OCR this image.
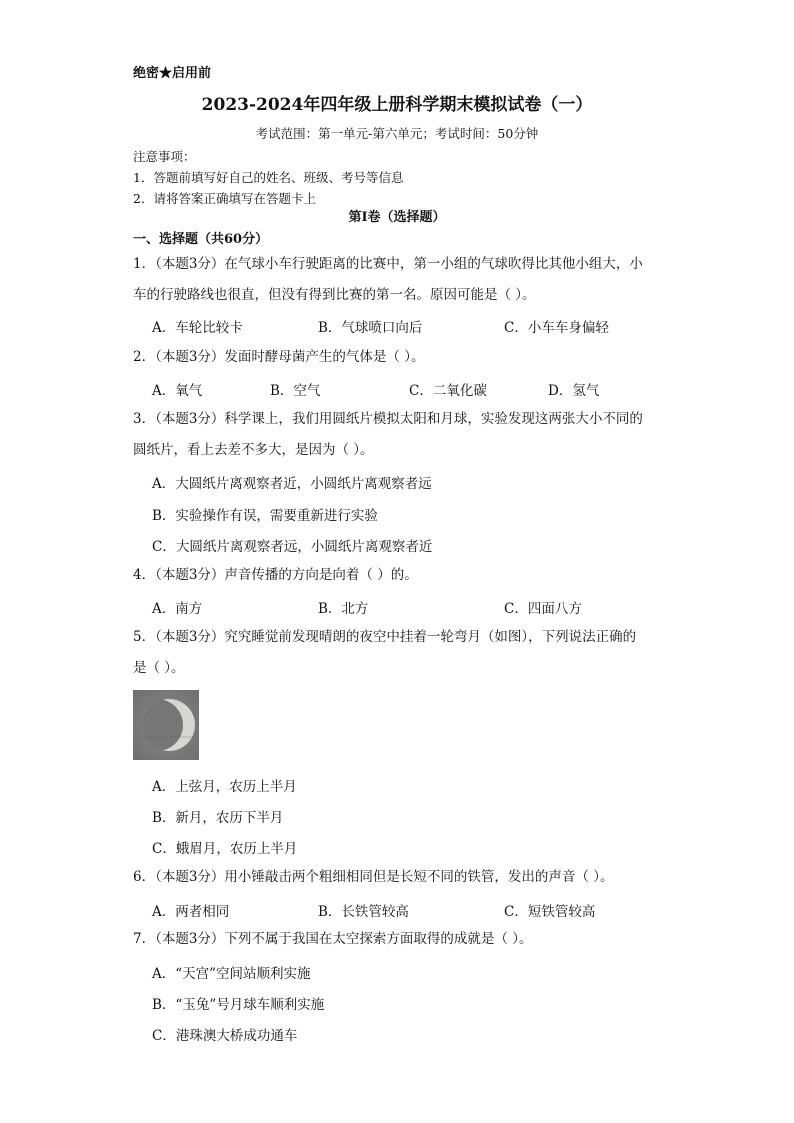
绝密★启用前
2023-2024年四年级上册科学期末模拟试卷（一）
考试范围：第一单元-第六单元；考试时间：50分钟
注意事项：
1．答题前填写好自己的姓名、班级、考号等信息
2．请将答案正确填写在答题卡上
第I卷（选择题）
一、选择题（共60分）
1．（本题3分）在气球小车行驶距离的比赛中，第一小组的气球吹得比其他小组大，小
车的行驶路线也很直，但没有得到比赛的第一名。原因可能是（ ）。
A．车轮比较卡	B．气球喷口向后	C．小车车身偏轻
2．（本题3分）发面时酵母菌产生的气体是（ ）。
A．氧气	B．空气	C．二氧化碳	D．氢气
3．（本题3分）科学课上，我们用圆纸片模拟太阳和月球，实验发现这两张大小不同的
圆纸片，看上去差不多大，是因为（ ）。
A．大圆纸片离观察者近，小圆纸片离观察者远
B．实验操作有误，需要重新进行实验
C．大圆纸片离观察者远，小圆纸片离观察者近
4．（本题3分）声音传播的方向是向着（ ）的。
A．南方	B．北方	C．四面八方
5．（本题3分）究究睡觉前发现晴朗的夜空中挂着一轮弯月（如图），下列说法正确的
是（ ）。
A．上弦月，农历上半月
B．新月，农历下半月
C．蛾眉月，农历上半月
6．（本题3分）用小锤敲击两个粗细相同但是长短不同的铁管，发出的声音（ ）。
A．两者相同	B．长铁管较高	C．短铁管较高
7．（本题3分）下列不属于我国在太空探索方面取得的成就是（ ）。
A．“天宫”空间站顺利实施
B．“玉兔”号月球车顺利实施
C．港珠澳大桥成功通车
